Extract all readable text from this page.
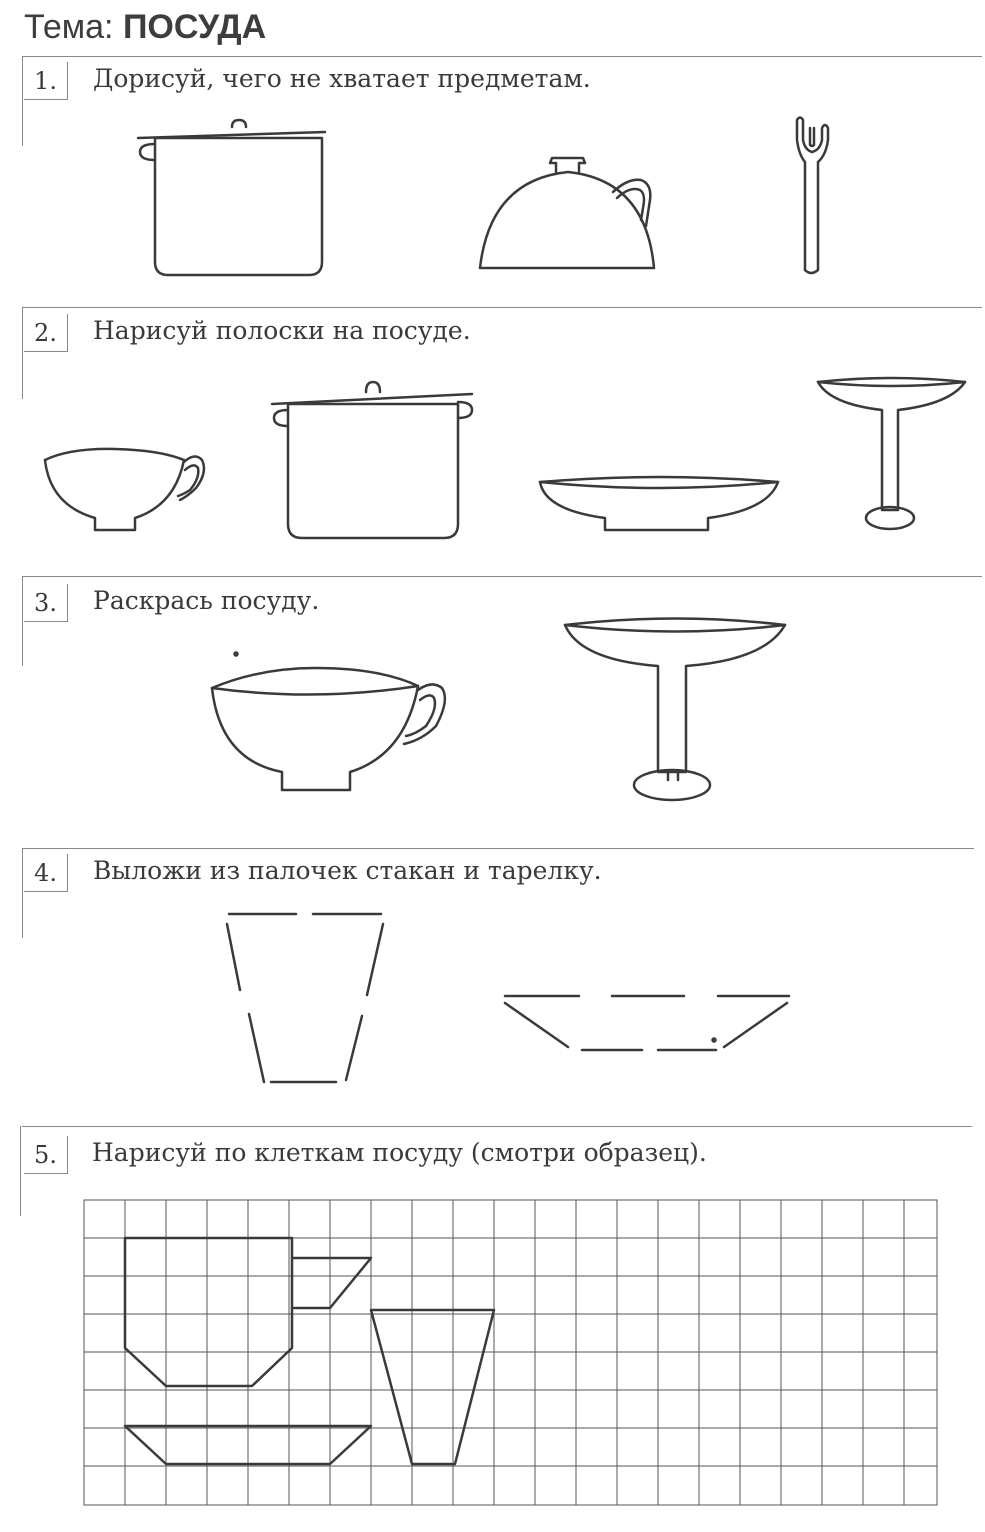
Тема: ПОСУДА
1.
2.
3.
4.
5.
Дорисуй, чего не хватает предметам.
Нарисуй полоски на посуде.
Раскрась посуду.
Выложи из палочек стакан и тарелку.
Нарисуй по клеткам посуду (смотри образец).
